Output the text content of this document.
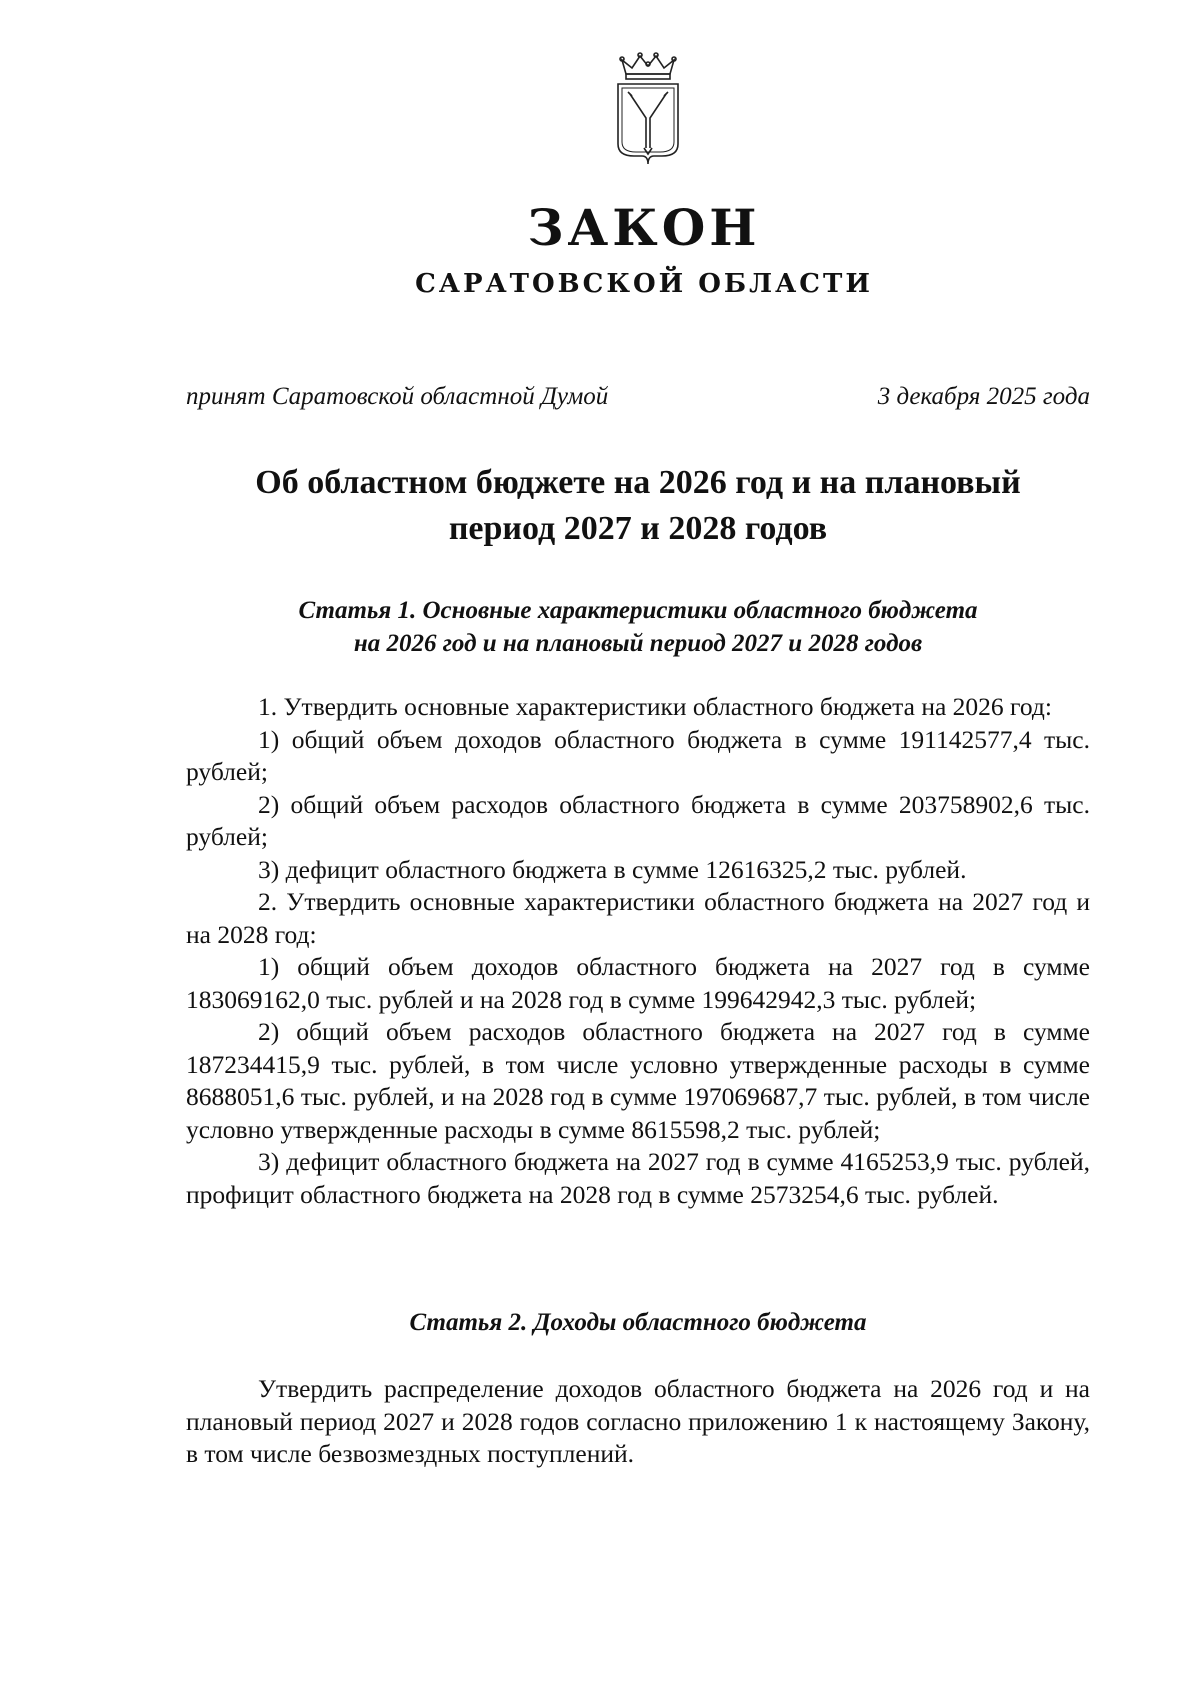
ЗАКОН
САРАТОВСКОЙ ОБЛАСТИ
принят Саратовской областной Думой	3 декабря 2025 года
Об областном бюджете на 2026 год и на плановый
период 2027 и 2028 годов
Статья 1. Основные характеристики областного бюджета
на 2026 год и на плановый период 2027 и 2028 годов

1. Утвердить основные характеристики областного бюджета на 2026 год:

1) общий объем доходов областного бюджета в сумме 191142577,4 тыс. рублей;

2) общий объем расходов областного бюджета в сумме 203758902,6 тыс. рублей;

3) дефицит областного бюджета в сумме 12616325,2 тыс. рублей.

2. Утвердить основные характеристики областного бюджета на 2027 год и на 2028 год:

1) общий объем доходов областного бюджета на 2027 год в сумме 183069162,0 тыс. рублей и на 2028 год в сумме 199642942,3 тыс. рублей;

2) общий объем расходов областного бюджета на 2027 год в сумме 187234415,9 тыс. рублей, в том числе условно утвержденные расходы в сумме 8688051,6 тыс. рублей, и на 2028 год в сумме 197069687,7 тыс. рублей, в том числе условно утвержденные расходы в сумме 8615598,2 тыс. рублей;

3) дефицит областного бюджета на 2027 год в сумме 4165253,9 тыс. рублей, профицит областного бюджета на 2028 год в сумме 2573254,6 тыс. рублей.

Статья 2. Доходы областного бюджета

Утвердить распределение доходов областного бюджета на 2026 год и на плановый период 2027 и 2028 годов согласно приложению 1 к настоящему Закону, в том числе безвозмездных поступлений.
